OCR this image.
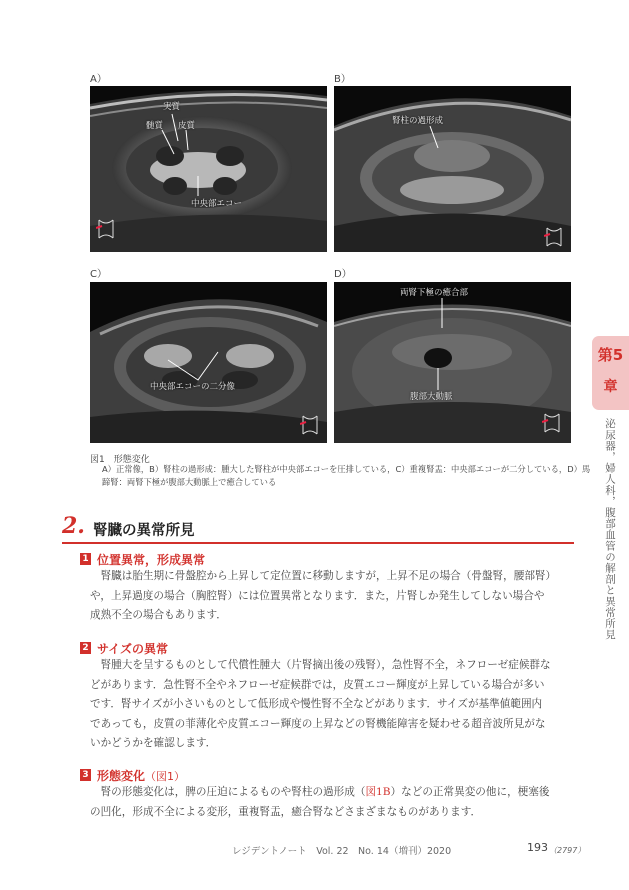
A）
実質
髄質 皮質
中央部エコー
B）
腎柱の過形成
C）
中央部エコーの二分像
D）
両腎下極の癒合部
腹部大動脈
図1　形態変化
A）正常像，B）腎柱の過形成：腫大した腎柱が中央部エコーを圧排している，C）重複腎盂：中央部エコーが二分している，D）馬蹄腎：両腎下極が腹部大動脈上で癒合している
2. 腎臓の異常所見
1 位置異常，形成異常
　腎臓は胎生期に骨盤腔から上昇して定位置に移動しますが，上昇不足の場合（骨盤腎，腰部腎）
や，上昇過度の場合（胸腔腎）には位置異常となります．また，片腎しか発生してしない場合や
成熟不全の場合もあります．
2 サイズの異常
　腎腫大を呈するものとして代償性腫大（片腎摘出後の残腎），急性腎不全，ネフローゼ症候群な
どがあります．急性腎不全やネフローゼ症候群では，皮質エコー輝度が上昇している場合が多い
です．腎サイズが小さいものとして低形成や慢性腎不全などがあります．サイズが基準値範囲内
であっても，皮質の菲薄化や皮質エコー輝度の上昇などの腎機能障害を疑わせる超音波所見がな
いかどうかを確認します．
3 形態変化（図1）
　腎の形態変化は，脾の圧迫によるものや腎柱の過形成（図1B）などの正常異変の他に，梗塞後
の凹化，形成不全による変形，重複腎盂，癒合腎などさまざまなものがあります．
第5
章
泌尿器，婦人科，腹部血管の解剖と異常所見
レジデントノート　Vol. 22　No. 14（増刊）2020	193 （2797）
